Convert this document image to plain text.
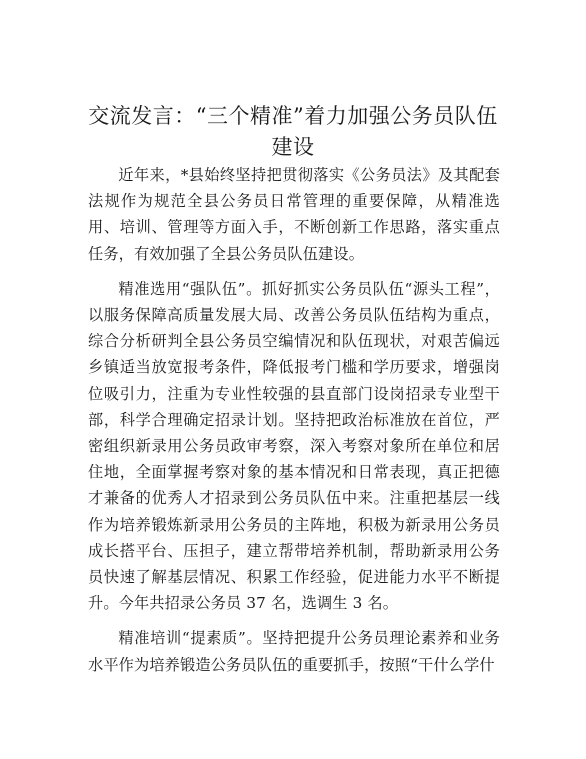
交流发言：“三个精准”着力加强公务员队伍
建设

近年来，*县始终坚持把贯彻落实《公务员法》及其配套法规作为规范全县公务员日常管理的重要保障，从精准选用、培训、管理等方面入手，不断创新工作思路，落实重点任务，有效加强了全县公务员队伍建设。

精准选用“强队伍”。抓好抓实公务员队伍“源头工程”，以服务保障高质量发展大局、改善公务员队伍结构为重点，综合分析研判全县公务员空编情况和队伍现状，对艰苦偏远乡镇适当放宽报考条件，降低报考门槛和学历要求，增强岗位吸引力，注重为专业性较强的县直部门设岗招录专业型干部，科学合理确定招录计划。坚持把政治标准放在首位，严密组织新录用公务员政审考察，深入考察对象所在单位和居住地，全面掌握考察对象的基本情况和日常表现，真正把德才兼备的优秀人才招录到公务员队伍中来。注重把基层一线作为培养锻炼新录用公务员的主阵地，积极为新录用公务员成长搭平台、压担子，建立帮带培养机制，帮助新录用公务员快速了解基层情况、积累工作经验，促进能力水平不断提升。今年共招录公务员 37 名，选调生 3 名。

精准培训“提素质”。坚持把提升公务员理论素养和业务水平作为培养锻造公务员队伍的重要抓手，按照“干什么学什
